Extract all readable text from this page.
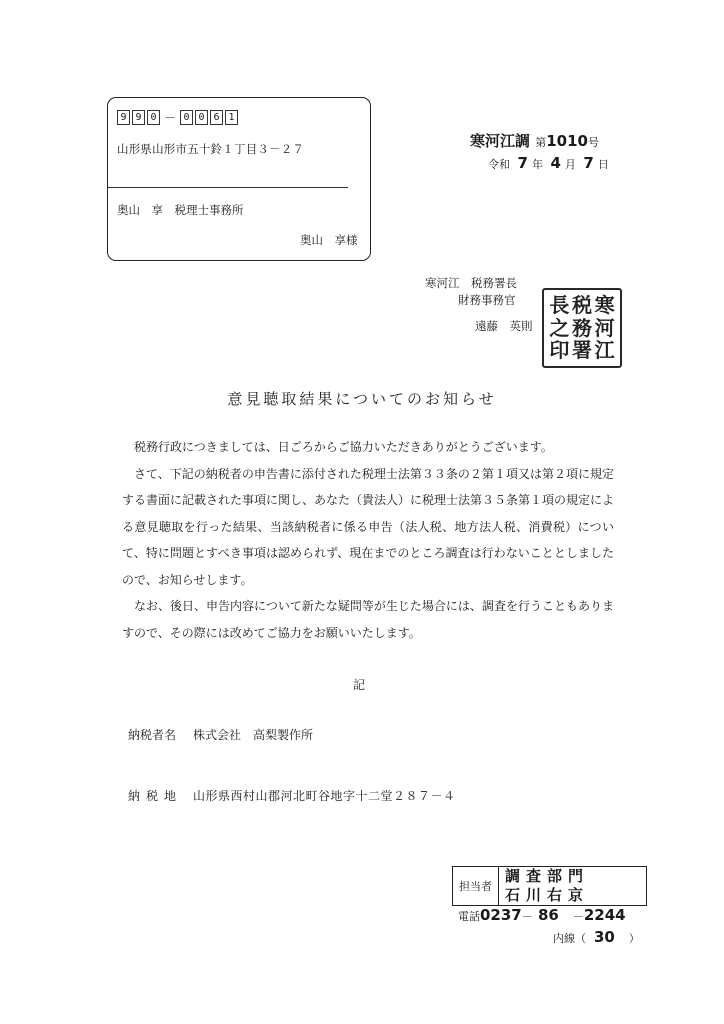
9 9 0 － 0 0 6 1
山形県山形市五十鈴１丁目３－２７
奥山　享　税理士事務所
奥山　享様
寒河江調 第1010号
令和 7 年 4 月 7 日
寒河江　税務署長
財務事務官
遠藤　英則
寒
河
江
税
務
署
長
之
印
意見聴取結果についてのお知らせ

税務行政につきましては、日ごろからご協力いただきありがとうございます。

さて、下記の納税者の申告書に添付された税理士法第３３条の２第１項又は第２項に規定する書面に記載された事項に関し、あなた（貴法人）に税理士法第３５条第１項の規定による意見聴取を行った結果、当該納税者に係る申告（法人税、地方法人税、消費税）について、特に問題とすべき事項は認められず、現在までのところ調査は行わないこととしましたので、お知らせします。

なお、後日、申告内容について新たな疑問等が生じた場合には、調査を行うこともありますので、その際には改めてご協力をお願いいたします。

記
納税者名 株式会社　高梨製作所
納税地 山形県西村山郡河北町谷地字十二堂２８７－４
担当者
調査部門
石川右京
電話0237－ 86 －2244
内線（ 30 ）
